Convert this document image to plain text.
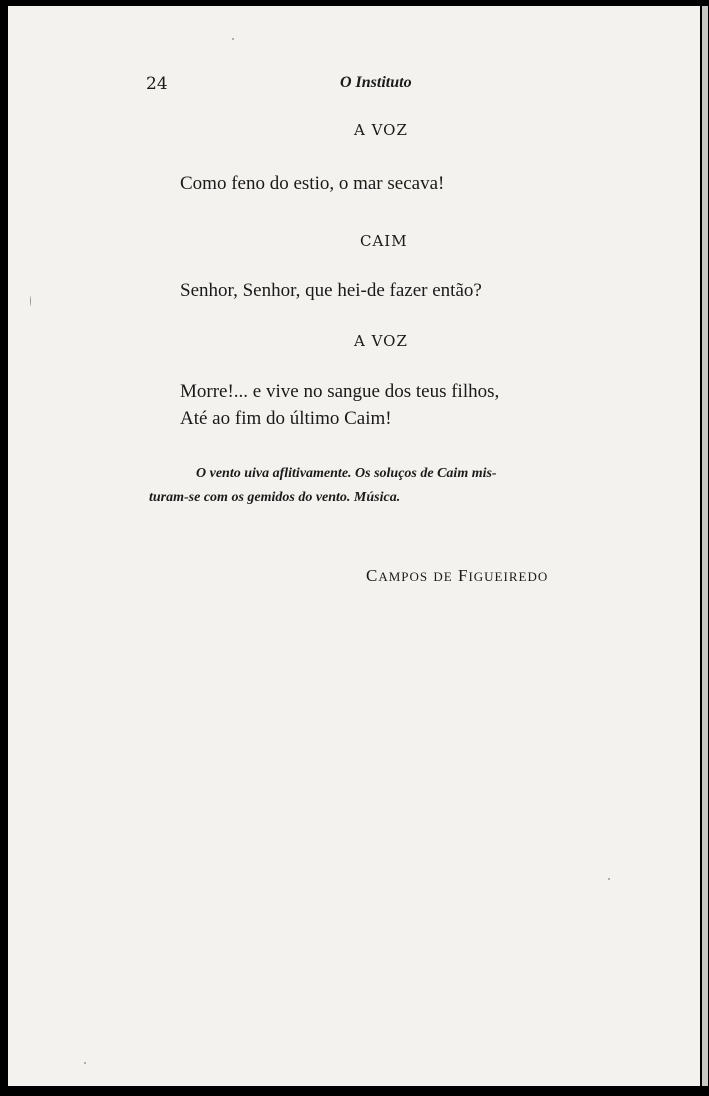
24	O Instituto
A VOZ
Como feno do estio, o mar secava!
CAIM
Senhor, Senhor, que hei-de fazer então?
A VOZ
Morre!... e vive no sangue dos teus filhos,
Até ao fim do último Caim!
O vento uiva aflitivamente. Os soluços de Caim mis-
turam-se com os gemidos do vento. Música.
CAMPOS DE FIGUEIREDO
